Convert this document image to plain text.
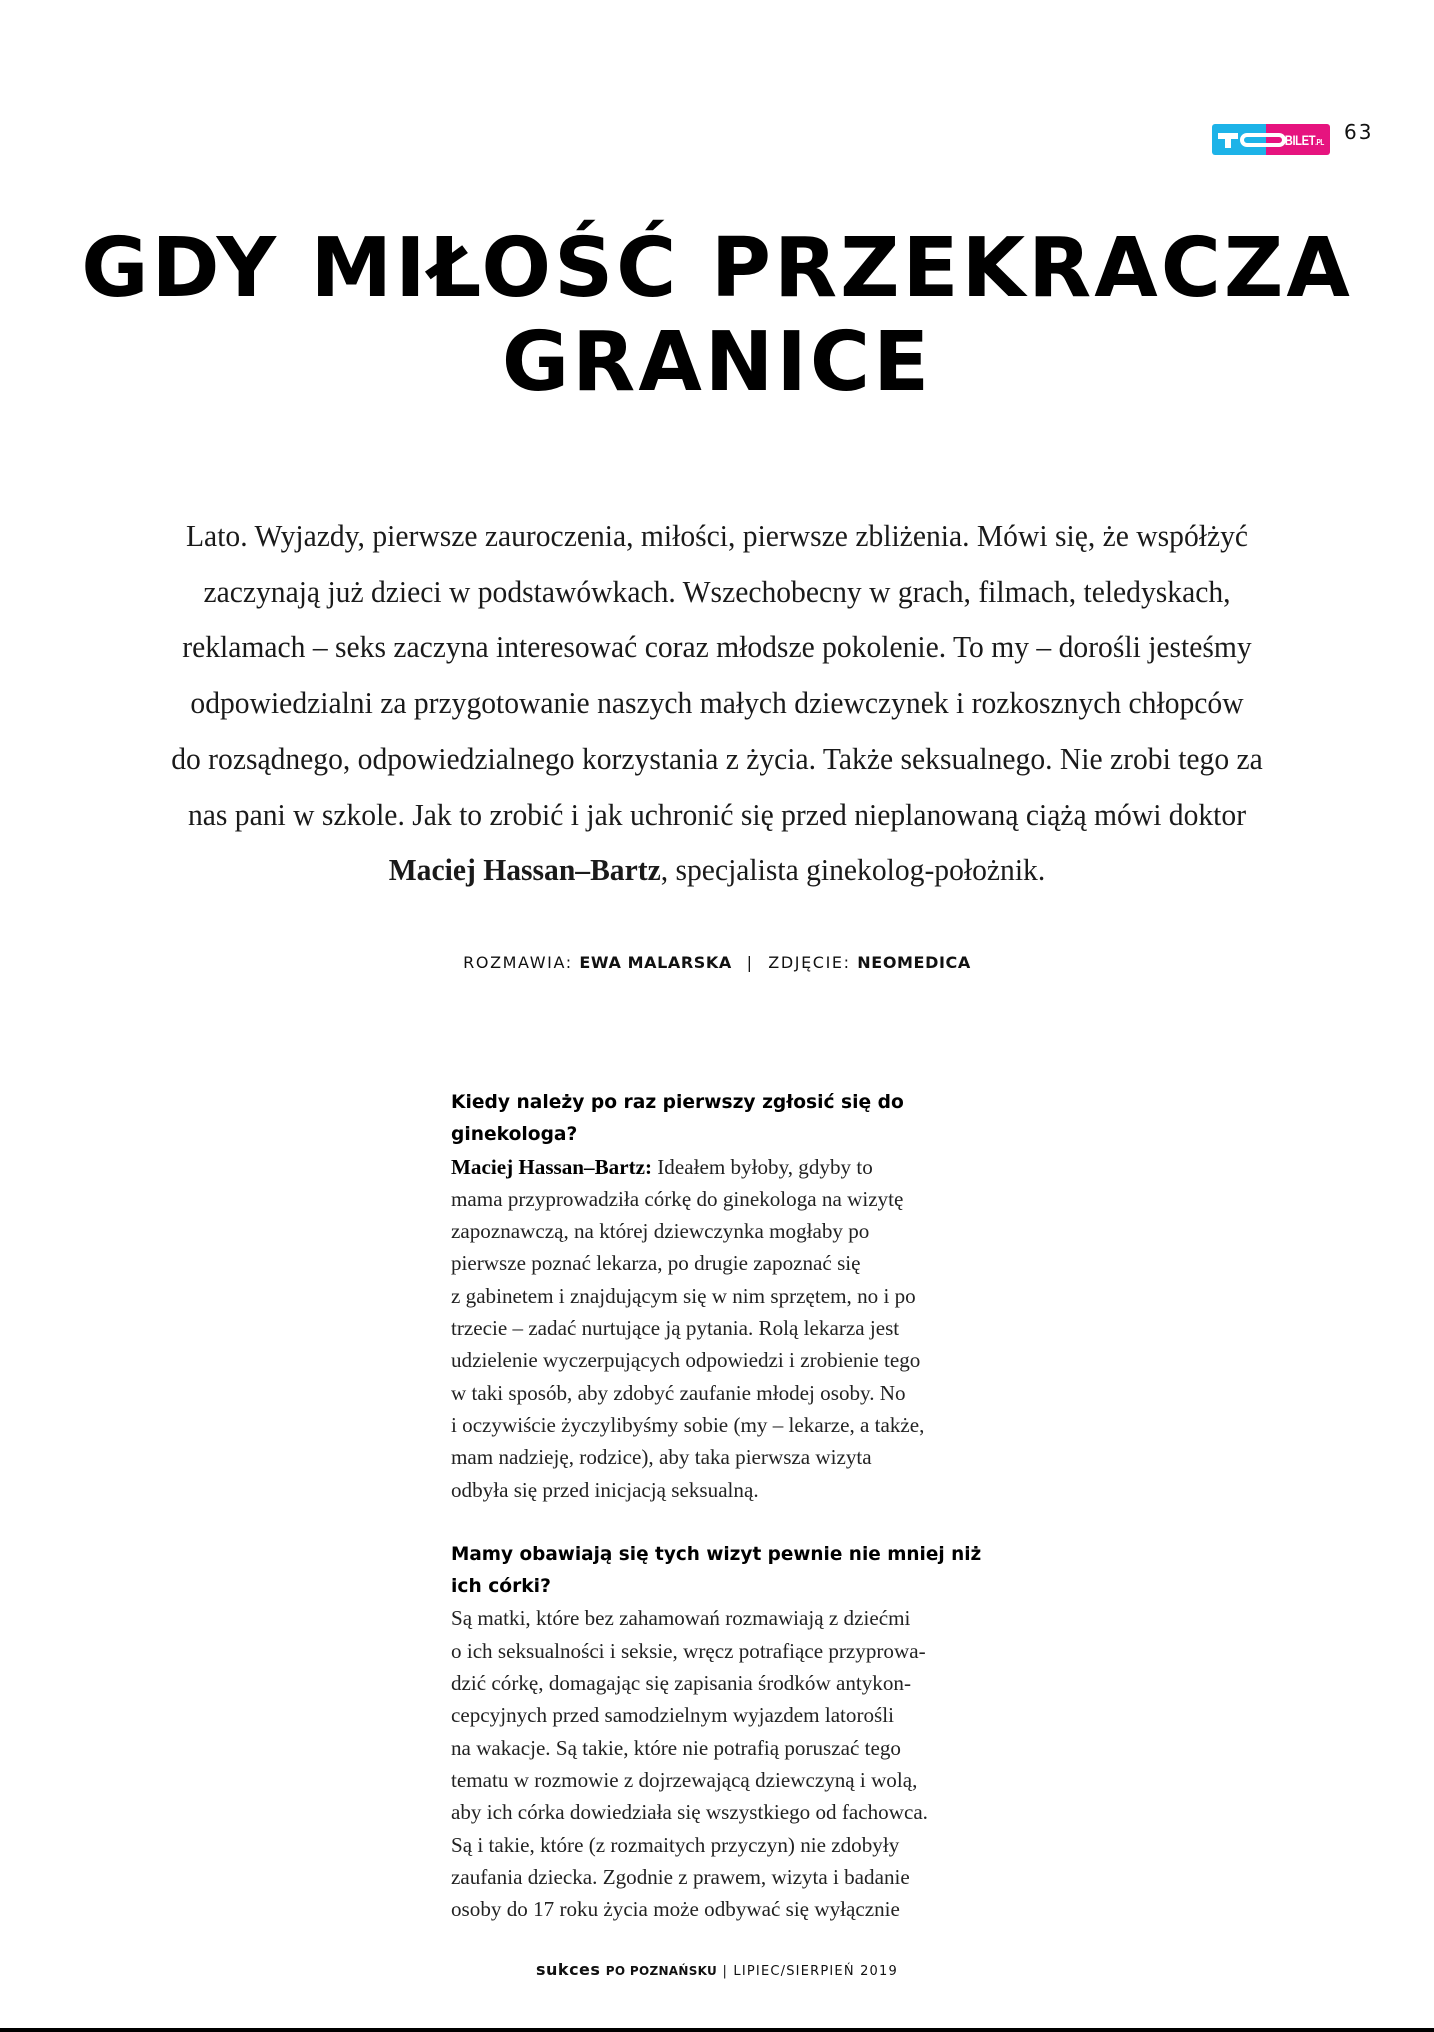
BILET.PL 63
GDY MIŁOŚĆ PRZEKRACZA
GRANICE

Lato. Wyjazdy, pierwsze zauroczenia, miłości, pierwsze zbliżenia. Mówi się, że współżyć
zaczynają już dzieci w podstawówkach. Wszechobecny w grach, filmach, teledyskach,
reklamach – seks zaczyna interesować coraz młodsze pokolenie. To my – dorośli jesteśmy
odpowiedzialni za przygotowanie naszych małych dziewczynek i rozkosznych chłopców
do rozsądnego, odpowiedzialnego korzystania z życia. Także seksualnego. Nie zrobi tego za
nas pani w szkole. Jak to zrobić i jak uchronić się przed nieplanowaną ciążą mówi doktor
Maciej Hassan–Bartz, specjalista ginekolog-położnik.

ROZMAWIA: EWA MALARSKA | ZDJĘCIE: NEOMEDICA
Kiedy należy po raz pierwszy zgłosić się do
ginekologa?
Maciej Hassan–Bartz: Ideałem byłoby, gdyby to
mama przyprowadziła córkę do ginekologa na wizytę
zapoznawczą, na której dziewczynka mogłaby po
pierwsze poznać lekarza, po drugie zapoznać się
z gabinetem i znajdującym się w nim sprzętem, no i po
trzecie – zadać nurtujące ją pytania. Rolą lekarza jest
udzielenie wyczerpujących odpowiedzi i zrobienie tego
w taki sposób, aby zdobyć zaufanie młodej osoby. No
i oczywiście życzylibyśmy sobie (my – lekarze, a także,
mam nadzieję, rodzice), aby taka pierwsza wizyta
odbyła się przed inicjacją seksualną.
Mamy obawiają się tych wizyt pewnie nie mniej niż
ich córki?
Są matki, które bez zahamowań rozmawiają z dziećmi
o ich seksualności i seksie, wręcz potrafiące przyprowa-
dzić córkę, domagając się zapisania środków antykon-
cepcyjnych przed samodzielnym wyjazdem latorośli
na wakacje. Są takie, które nie potrafią poruszać tego
tematu w rozmowie z dojrzewającą dziewczyną i wolą,
aby ich córka dowiedziała się wszystkiego od fachowca.
Są i takie, które (z rozmaitych przyczyn) nie zdobyły
zaufania dziecka. Zgodnie z prawem, wizyta i badanie
osoby do 17 roku życia może odbywać się wyłącznie
sukces PO POZNAŃSKU | LIPIEC/SIERPIEŃ 2019
